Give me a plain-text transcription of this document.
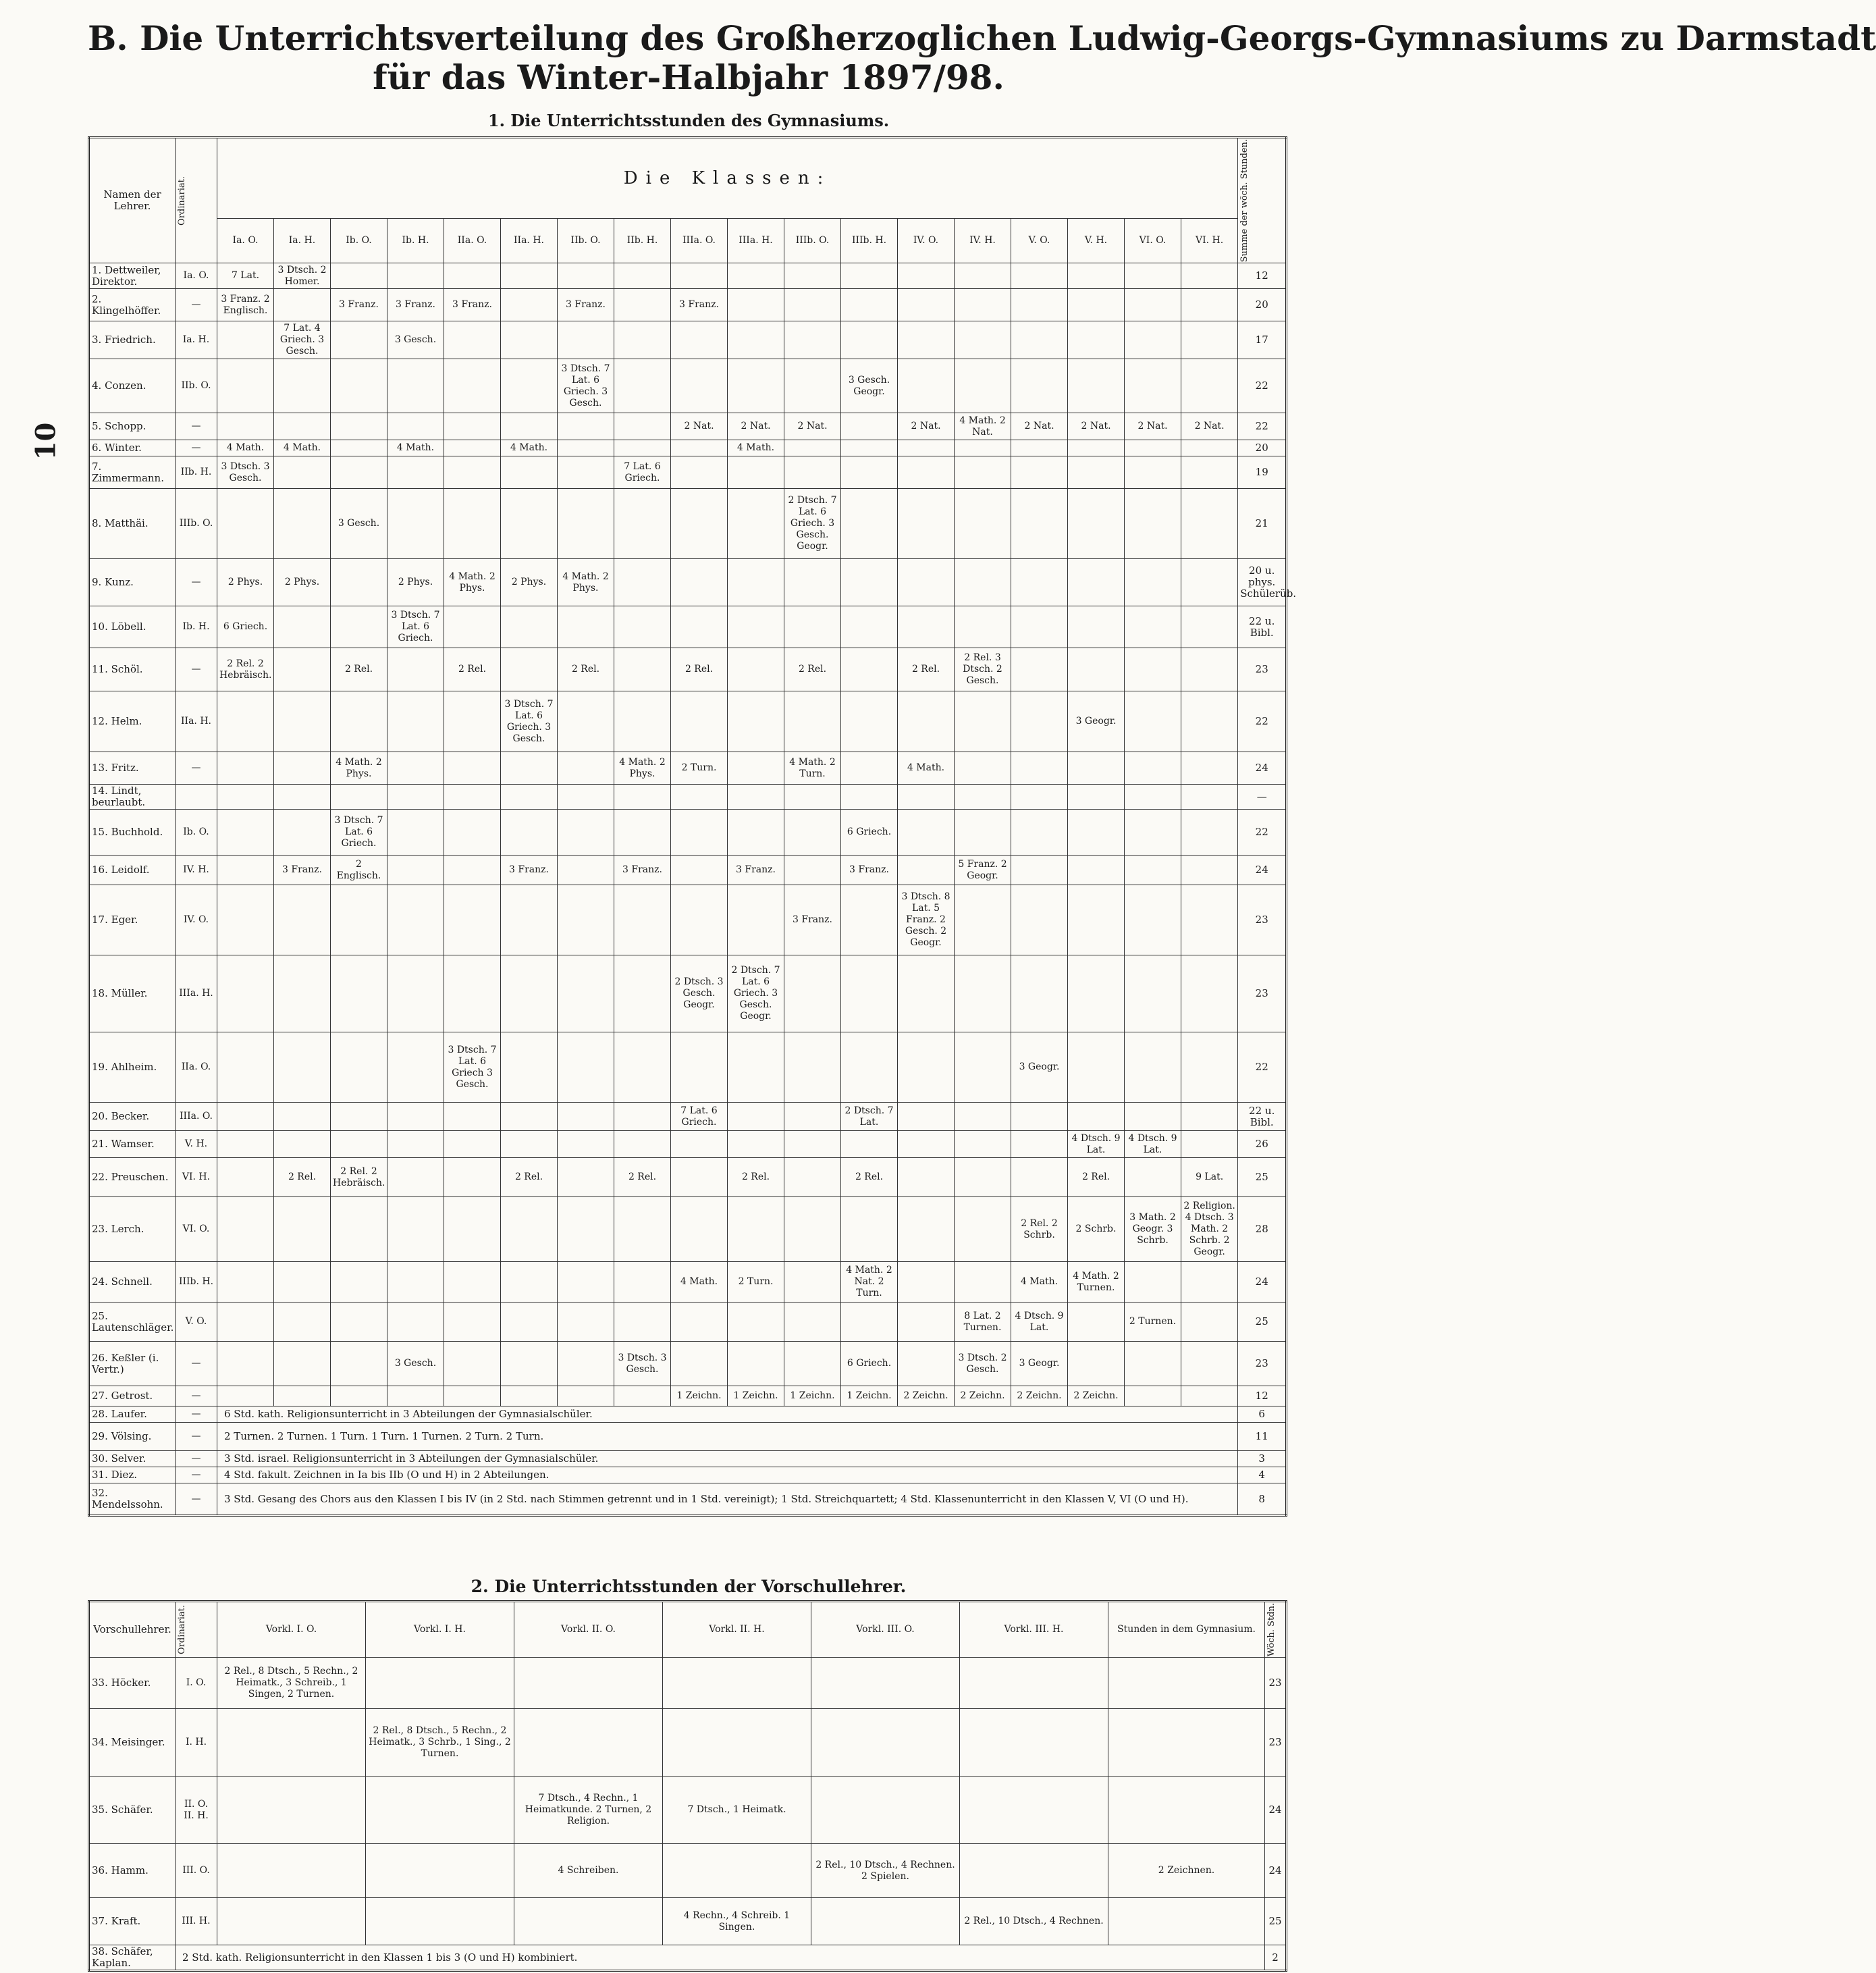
10
B. Die Unterrichtsverteilung des Großherzoglichen Ludwig-Georgs-Gymnasiums zu Darmstadt
für das Winter-Halbjahr 1897/98.
1. Die Unterrichtsstunden des Gymnasiums.
Namen der Lehrer.	Ordinariat.	Die Klassen:																		Summe der wöch. Stunden.

		Ia. O.	Ia. H.	Ib. O.	Ib. H.	IIa. O.	IIa. H.	IIb. O.	IIb. H.	IIIa. O.	IIIa. H.	IIIb. O.	IIIb. H.	IV. O.	IV. H.	V. O.	V. H.	VI. O.	VI. H.	
1. Dettweiler, Direktor.	Ia. O.	7 Lat.	3 Dtsch. 2 Homer.																	12
2. Klingelhöffer.	—	3 Franz. 2 Englisch.		3 Franz.	3 Franz.	3 Franz.		3 Franz.		3 Franz.										20
3. Friedrich.	Ia. H.		7 Lat. 4 Griech. 3 Gesch.		3 Gesch.															17
4. Conzen.	IIb. O.							3 Dtsch. 7 Lat. 6 Griech. 3 Gesch.					3 Gesch. Geogr.							22
5. Schopp.	—									2 Nat.	2 Nat.	2 Nat.		2 Nat.	4 Math. 2 Nat.	2 Nat.	2 Nat.	2 Nat.	2 Nat.	22
6. Winter.	—	4 Math.	4 Math.		4 Math.		4 Math.				4 Math.									20
7. Zimmermann.	IIb. H.	3 Dtsch. 3 Gesch.							7 Lat. 6 Griech.											19
8. Matthäi.	IIIb. O.			3 Gesch.								2 Dtsch. 7 Lat. 6 Griech. 3 Gesch. Geogr.								21
9. Kunz.	—	2 Phys.	2 Phys.		2 Phys.	4 Math. 2 Phys.	2 Phys.	4 Math. 2 Phys.												20 u. phys. Schülerüb.
10. Löbell.	Ib. H.	6 Griech.			3 Dtsch. 7 Lat. 6 Griech.															22 u. Bibl.
11. Schöl.	—	2 Rel. 2 Hebräisch.		2 Rel.		2 Rel.		2 Rel.		2 Rel.		2 Rel.		2 Rel.	2 Rel. 3 Dtsch. 2 Gesch.					23
12. Helm.	IIa. H.						3 Dtsch. 7 Lat. 6 Griech. 3 Gesch.										3 Geogr.			22
13. Fritz.	—			4 Math. 2 Phys.					4 Math. 2 Phys.	2 Turn.		4 Math. 2 Turn.		4 Math.						24
14. Lindt, beurlaubt.																				—
15. Buchhold.	Ib. O.			3 Dtsch. 7 Lat. 6 Griech.									6 Griech.							22
16. Leidolf.	IV. H.		3 Franz.	2 Englisch.			3 Franz.		3 Franz.		3 Franz.		3 Franz.		5 Franz. 2 Geogr.					24
17. Eger.	IV. O.											3 Franz.		3 Dtsch. 8 Lat. 5 Franz. 2 Gesch. 2 Geogr.						23
18. Müller.	IIIa. H.									2 Dtsch. 3 Gesch. Geogr.	2 Dtsch. 7 Lat. 6 Griech. 3 Gesch. Geogr.									23
19. Ahlheim.	IIa. O.					3 Dtsch. 7 Lat. 6 Griech 3 Gesch.										3 Geogr.				22
20. Becker.	IIIa. O.									7 Lat. 6 Griech.			2 Dtsch. 7 Lat.							22 u. Bibl.
21. Wamser.	V. H.																4 Dtsch. 9 Lat.	4 Dtsch. 9 Lat.		26
22. Preuschen.	VI. H.		2 Rel.	2 Rel. 2 Hebräisch.			2 Rel.		2 Rel.		2 Rel.		2 Rel.				2 Rel.		9 Lat.	25
23. Lerch.	VI. O.															2 Rel. 2 Schrb.	2 Schrb.	3 Math. 2 Geogr. 3 Schrb.	2 Religion. 4 Dtsch. 3 Math. 2 Schrb. 2 Geogr.	28
24. Schnell.	IIIb. H.									4 Math.	2 Turn.		4 Math. 2 Nat. 2 Turn.			4 Math.	4 Math. 2 Turnen.			24
25. Lautenschläger.	V. O.														8 Lat. 2 Turnen.	4 Dtsch. 9 Lat.		2 Turnen.		25
26. Keßler (i. Vertr.)	—				3 Gesch.				3 Dtsch. 3 Gesch.				6 Griech.		3 Dtsch. 2 Gesch.	3 Geogr.				23
27. Getrost.	—									1 Zeichn.	1 Zeichn.	1 Zeichn.	1 Zeichn.	2 Zeichn.	2 Zeichn.	2 Zeichn.	2 Zeichn.			12
28. Laufer.	—	6 Std. kath. Religionsunterricht in 3 Abteilungen der Gymnasialschüler.																		6
29. Völsing.	—	2 Turnen. 2 Turnen. 1 Turn. 1 Turn. 1 Turnen. 2 Turn. 2 Turn.																		11
30. Selver.	—	3 Std. israel. Religionsunterricht in 3 Abteilungen der Gymnasialschüler.																		3
31. Diez.	—	4 Std. fakult. Zeichnen in Ia bis IIb (O und H) in 2 Abteilungen.																		4
32. Mendelssohn.	—	3 Std. Gesang des Chors aus den Klassen I bis IV (in 2 Std. nach Stimmen getrennt und in 1 Std. vereinigt); 1 Std. Streichquartett; 4 Std. Klassenunterricht in den Klassen V, VI (O und H).																		8
2. Die Unterrichtsstunden der Vorschullehrer.
Vorschullehrer.	Ordinariat.	Vorkl. I. O.	Vorkl. I. H.	Vorkl. II. O.	Vorkl. II. H.	Vorkl. III. O.	Vorkl. III. H.	Stunden in dem Gymnasium.	Wöch. Stdn.

33. Höcker.	I. O.	2 Rel., 8 Dtsch., 5 Rechn., 2 Heimatk., 3 Schreib., 1 Singen, 2 Turnen.							23
34. Meisinger.	I. H.		2 Rel., 8 Dtsch., 5 Rechn., 2 Heimatk., 3 Schrb., 1 Sing., 2 Turnen.						23
35. Schäfer.	II. O. II. H.			7 Dtsch., 4 Rechn., 1 Heimatkunde. 2 Turnen, 2 Religion.	7 Dtsch., 1 Heimatk.				24
36. Hamm.	III. O.			4 Schreiben.		2 Rel., 10 Dtsch., 4 Rechnen. 2 Spielen.		2 Zeichnen.	24
37. Kraft.	III. H.				4 Rechn., 4 Schreib. 1 Singen.		2 Rel., 10 Dtsch., 4 Rechnen.		25
38. Schäfer, Kaplan.	2 Std. kath. Religionsunterricht in den Klassen 1 bis 3 (O und H) kombiniert.								2
